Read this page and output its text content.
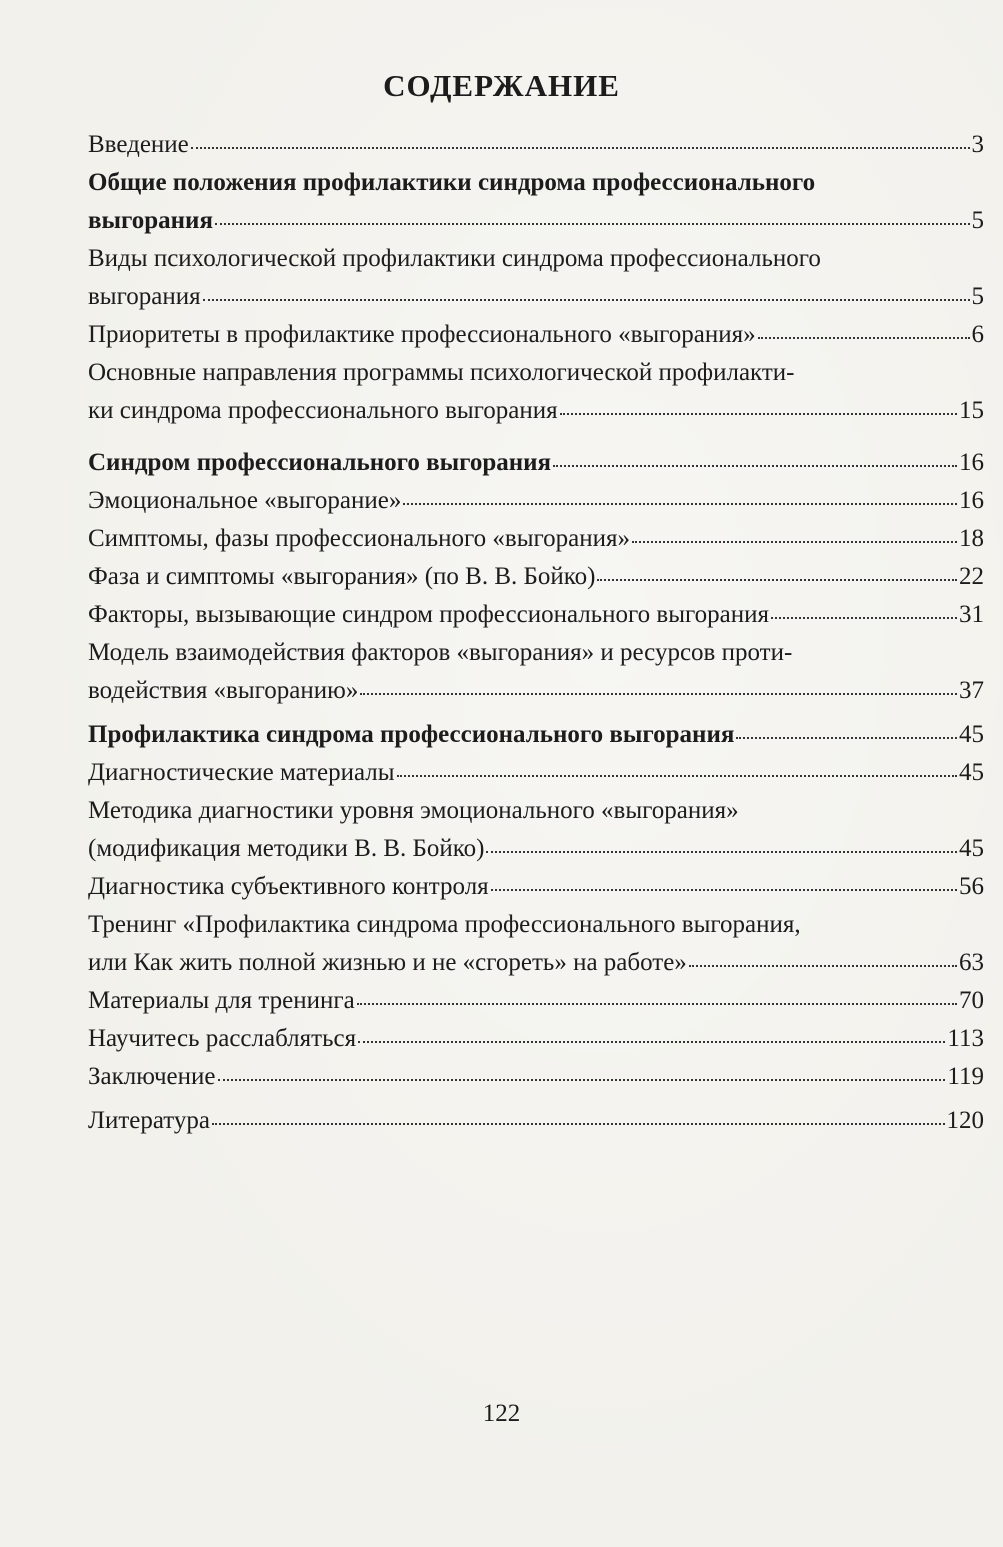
СОДЕРЖАНИЕ
Введение	3
Общие положения профилактики синдрома профессионального
выгорания	5
Виды психологической профилактики синдрома профессионального
выгорания	5
Приоритеты в профилактике профессионального «выгорания»	6
Основные направления программы психологической профилакти-
ки синдрома профессионального выгорания	15
Синдром профессионального выгорания	16
Эмоциональное «выгорание»	16
Симптомы, фазы профессионального «выгорания»	18
Фаза и симптомы «выгорания» (по В. В. Бойко)	22
Факторы, вызывающие синдром профессионального выгорания	31
Модель взаимодействия факторов «выгорания» и ресурсов проти-
водействия «выгоранию»	37
Профилактика синдрома профессионального выгорания	45
Диагностические материалы	45
Методика диагностики уровня эмоционального «выгорания»
(модификация методики В. В. Бойко)	45
Диагностика субъективного контроля	56
Тренинг «Профилактика синдрома профессионального выгорания,
или Как жить полной жизнью и не «сгореть» на работе»	63
Материалы для тренинга	70
Научитесь расслабляться	113
Заключение	119
Литература	120
122
